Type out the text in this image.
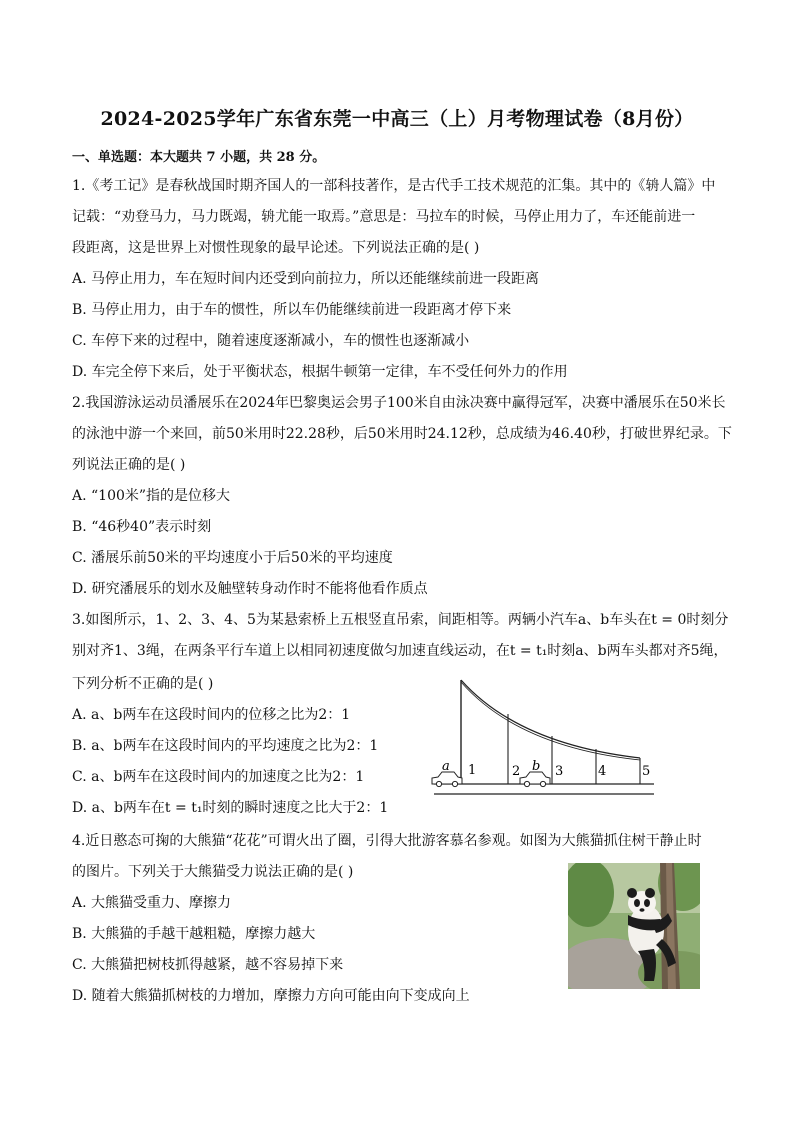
2024-2025学年广东省东莞一中高三（上）月考物理试卷（8月份）
一、单选题：本大题共 7 小题，共 28 分。
1.《考工记》是春秋战国时期齐国人的一部科技著作，是古代手工技术规范的汇集。其中的《辀人篇》中
记载：“劝登马力，马力既竭，辀尤能一取焉。”意思是：马拉车的时候，马停止用力了，车还能前进一
段距离，这是世界上对惯性现象的最早论述。下列说法正确的是( )
A. 马停止用力，车在短时间内还受到向前拉力，所以还能继续前进一段距离
B. 马停止用力，由于车的惯性，所以车仍能继续前进一段距离才停下来
C. 车停下来的过程中，随着速度逐渐减小，车的惯性也逐渐减小
D. 车完全停下来后，处于平衡状态，根据牛顿第一定律，车不受任何外力的作用
2.我国游泳运动员潘展乐在2024年巴黎奥运会男子100米自由泳决赛中赢得冠军，决赛中潘展乐在50米长
的泳池中游一个来回，前50米用时22.28秒，后50米用时24.12秒，总成绩为46.40秒，打破世界纪录。下
列说法正确的是( )
A. “100米”指的是位移大
B. “46秒40”表示时刻
C. 潘展乐前50米的平均速度小于后50米的平均速度
D. 研究潘展乐的划水及触壁转身动作时不能将他看作质点
3.如图所示，1、2、3、4、5为某悬索桥上五根竖直吊索，间距相等。两辆小汽车a、b车头在t = 0时刻分
别对齐1、3绳，在两条平行车道上以相同初速度做匀加速直线运动，在t = t₁时刻a、b两车头都对齐5绳，
下列分析不正确的是( )
A. a、b两车在这段时间内的位移之比为2：1
B. a、b两车在这段时间内的平均速度之比为2：1
C. a、b两车在这段时间内的加速度之比为2：1
D. a、b两车在t = t₁时刻的瞬时速度之比大于2：1
1	2	3	4	5
a	b
4.近日憨态可掬的大熊猫“花花”可谓火出了圈，引得大批游客慕名参观。如图为大熊猫抓住树干静止时
的图片。下列关于大熊猫受力说法正确的是( )
A. 大熊猫受重力、摩擦力
B. 大熊猫的手越干越粗糙，摩擦力越大
C. 大熊猫把树枝抓得越紧，越不容易掉下来
D. 随着大熊猫抓树枝的力增加，摩擦力方向可能由向下变成向上
